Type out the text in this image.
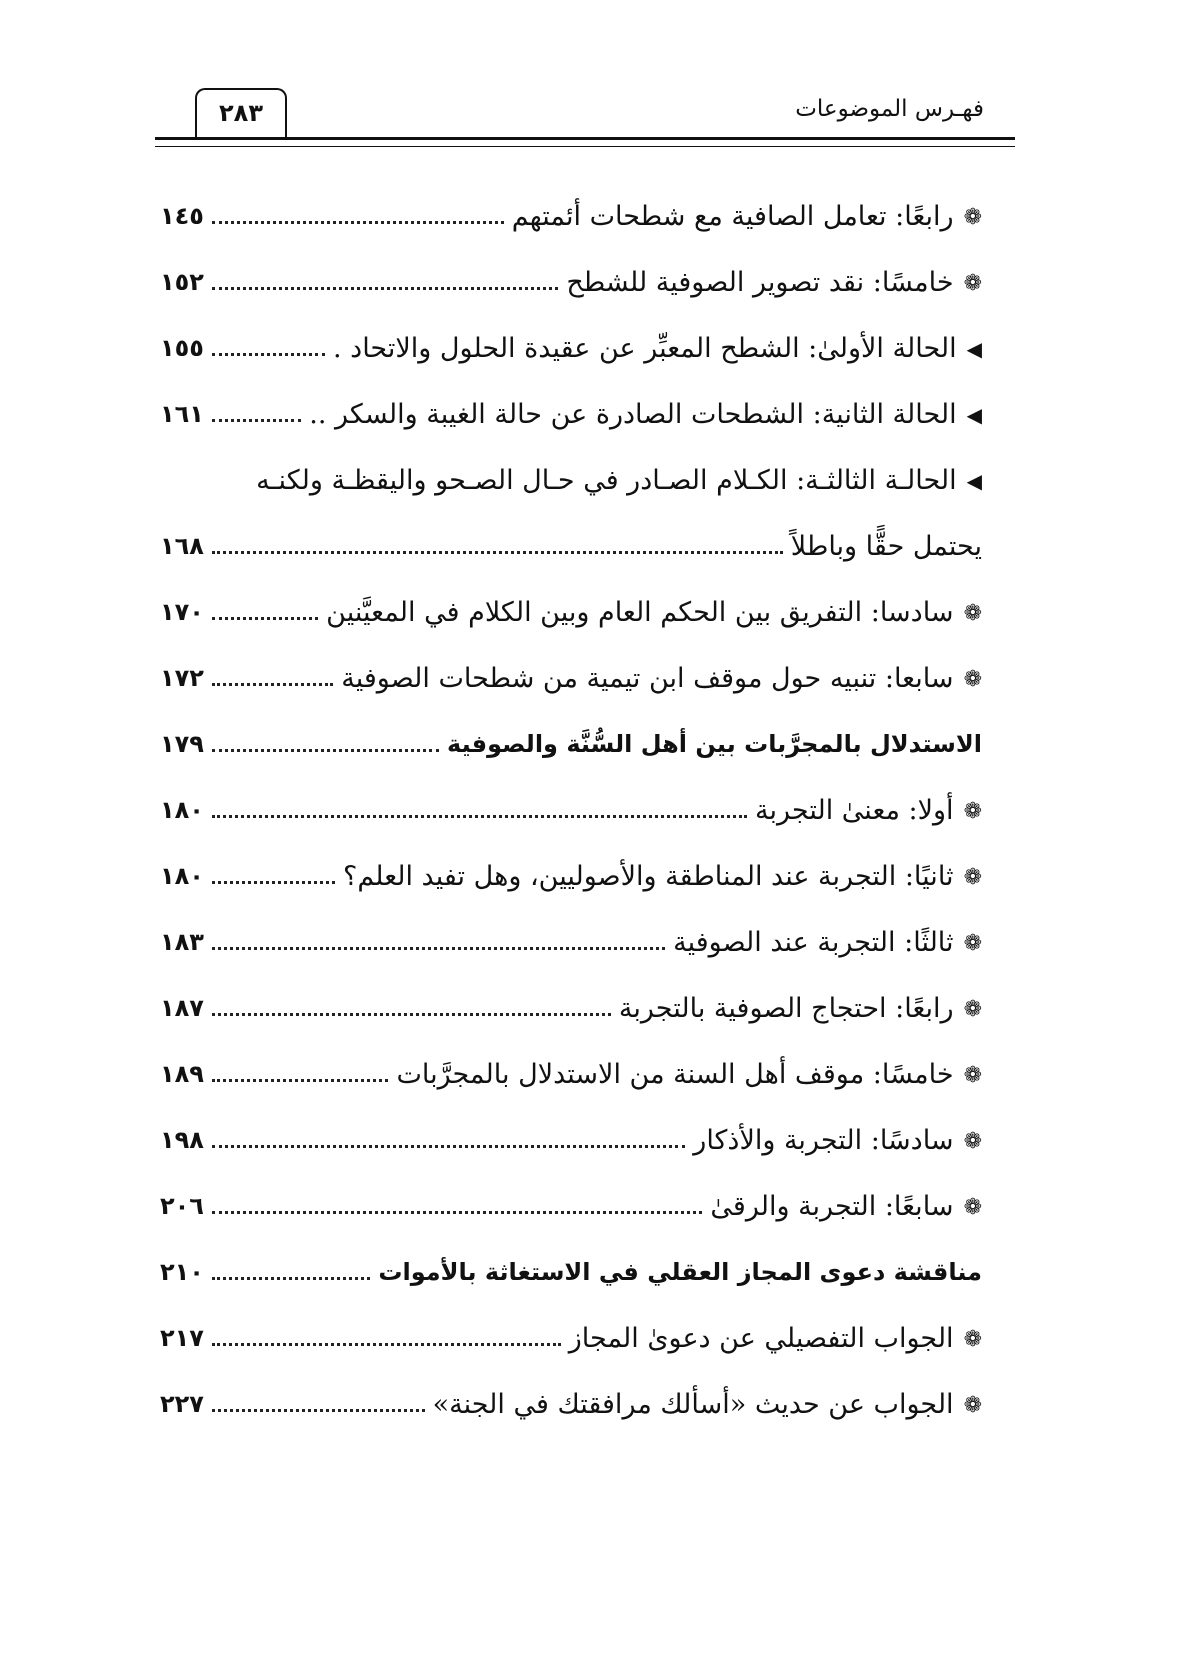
فهـرس الموضوعات
٢٨٣
❁رابعًا: تعامل الصافية مع شطحات أئمتهم
١٤٥
❁خامسًا: نقد تصوير الصوفية للشطح
١٥٢
◀الحالة الأولىٰ: الشطح المعبِّر عن عقيدة الحلول والاتحاد .
١٥٥
◀الحالة الثانية: الشطحات الصادرة عن حالة الغيبة والسكر ..
١٦١
◀الحالـة الثالثـة: الكـلام الصـادر في حـال الصـحو واليقظـة ولكنـه
يحتمل حقًّا وباطلاً
١٦٨
❁سادسا: التفريق بين الحكم العام وبين الكلام في المعيَّنين
١٧٠
❁سابعا: تنبيه حول موقف ابن تيمية من شطحات الصوفية
١٧٢
الاستدلال بالمجرَّبات بين أهل السُّنَّة والصوفية
١٧٩
❁أولا: معنىٰ التجربة
١٨٠
❁ثانيًا: التجربة عند المناطقة والأصوليين، وهل تفيد العلم؟
١٨٠
❁ثالثًا: التجربة عند الصوفية
١٨٣
❁رابعًا: احتجاج الصوفية بالتجربة
١٨٧
❁خامسًا: موقف أهل السنة من الاستدلال بالمجرَّبات
١٨٩
❁سادسًا: التجربة والأذكار
١٩٨
❁سابعًا: التجربة والرقىٰ
٢٠٦
مناقشة دعوى المجاز العقلي في الاستغاثة بالأموات
٢١٠
❁الجواب التفصيلي عن دعوىٰ المجاز
٢١٧
❁الجواب عن حديث «أسألك مرافقتك في الجنة»
٢٢٧
